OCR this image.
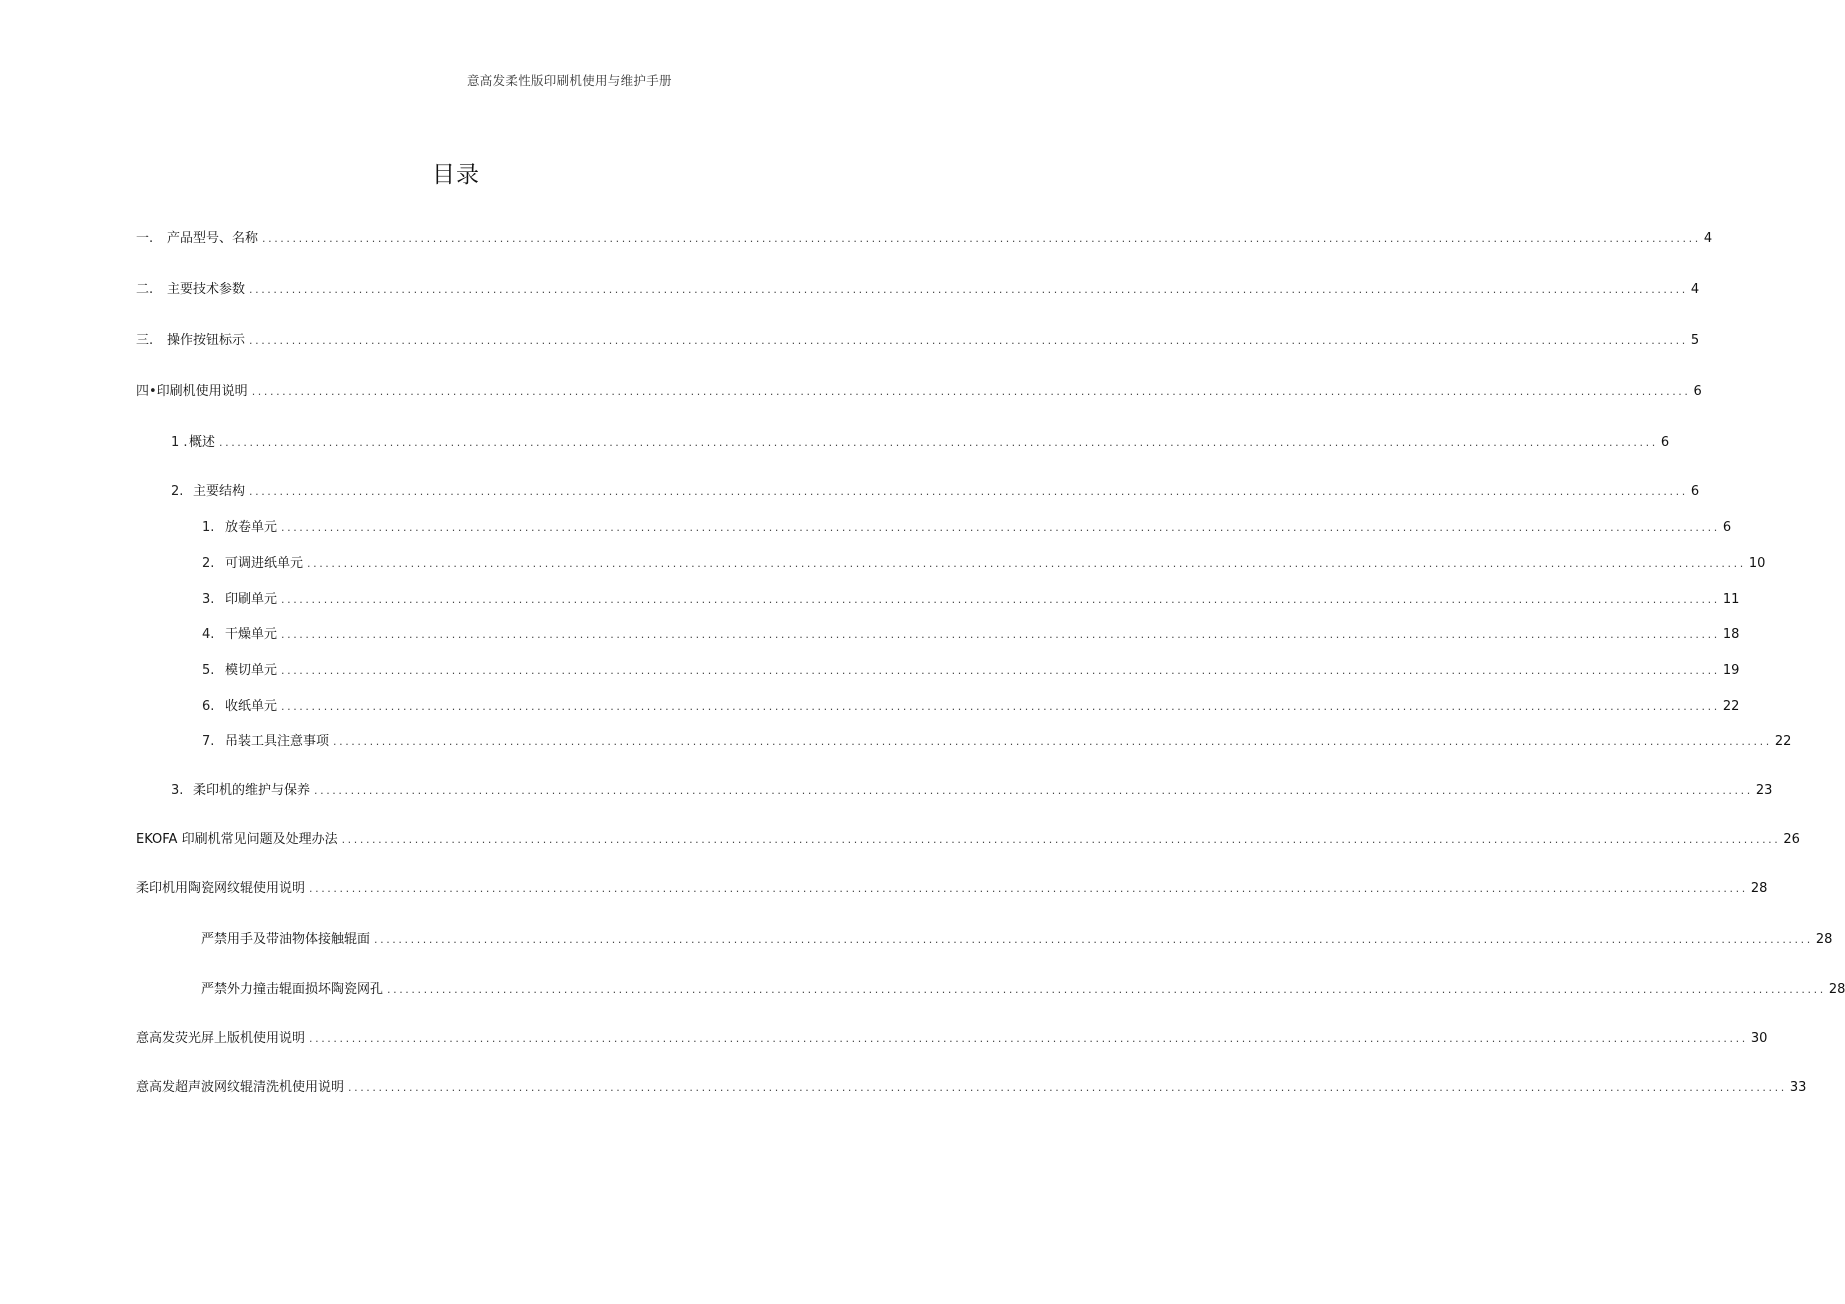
意高发柔性版印刷机使用与维护手册
目录
一.	产品型号、名称 ............................................................................................................................................................................................................................................ 4
二.	主要技术参数 ............................................................................................................................................................................................................................................ 4
三.	操作按钮标示 ............................................................................................................................................................................................................................................ 5
四• 印刷机使用说明 ............................................................................................................................................................................................................................................ 6
1 . 概述 ............................................................................................................................................................................................................................................ 6
2. 主要结构 ............................................................................................................................................................................................................................................ 6
1. 放卷单元 ............................................................................................................................................................................................................................................ 6
2. 可调进纸单元 ............................................................................................................................................................................................................................................ 10
3. 印刷单元 ............................................................................................................................................................................................................................................ 11
4. 干燥单元 ............................................................................................................................................................................................................................................ 18
5. 模切单元 ............................................................................................................................................................................................................................................ 19
6. 收纸单元 ............................................................................................................................................................................................................................................ 22
7. 吊装工具注意事项 ............................................................................................................................................................................................................................................ 22
3. 柔印机的维护与保养 ............................................................................................................................................................................................................................................ 23
EKOFA 印刷机常见问题及处理办法 ............................................................................................................................................................................................................................................ 26
柔印机用陶瓷网纹辊使用说明 ............................................................................................................................................................................................................................................ 28
严禁用手及带油物体接触辊面 ............................................................................................................................................................................................................................................ 28
严禁外力撞击辊面损坏陶瓷网孔 ............................................................................................................................................................................................................................................ 28
意高发荧光屏上版机使用说明 ............................................................................................................................................................................................................................................ 30
意高发超声波网纹辊清洗机使用说明 ............................................................................................................................................................................................................................................ 33
